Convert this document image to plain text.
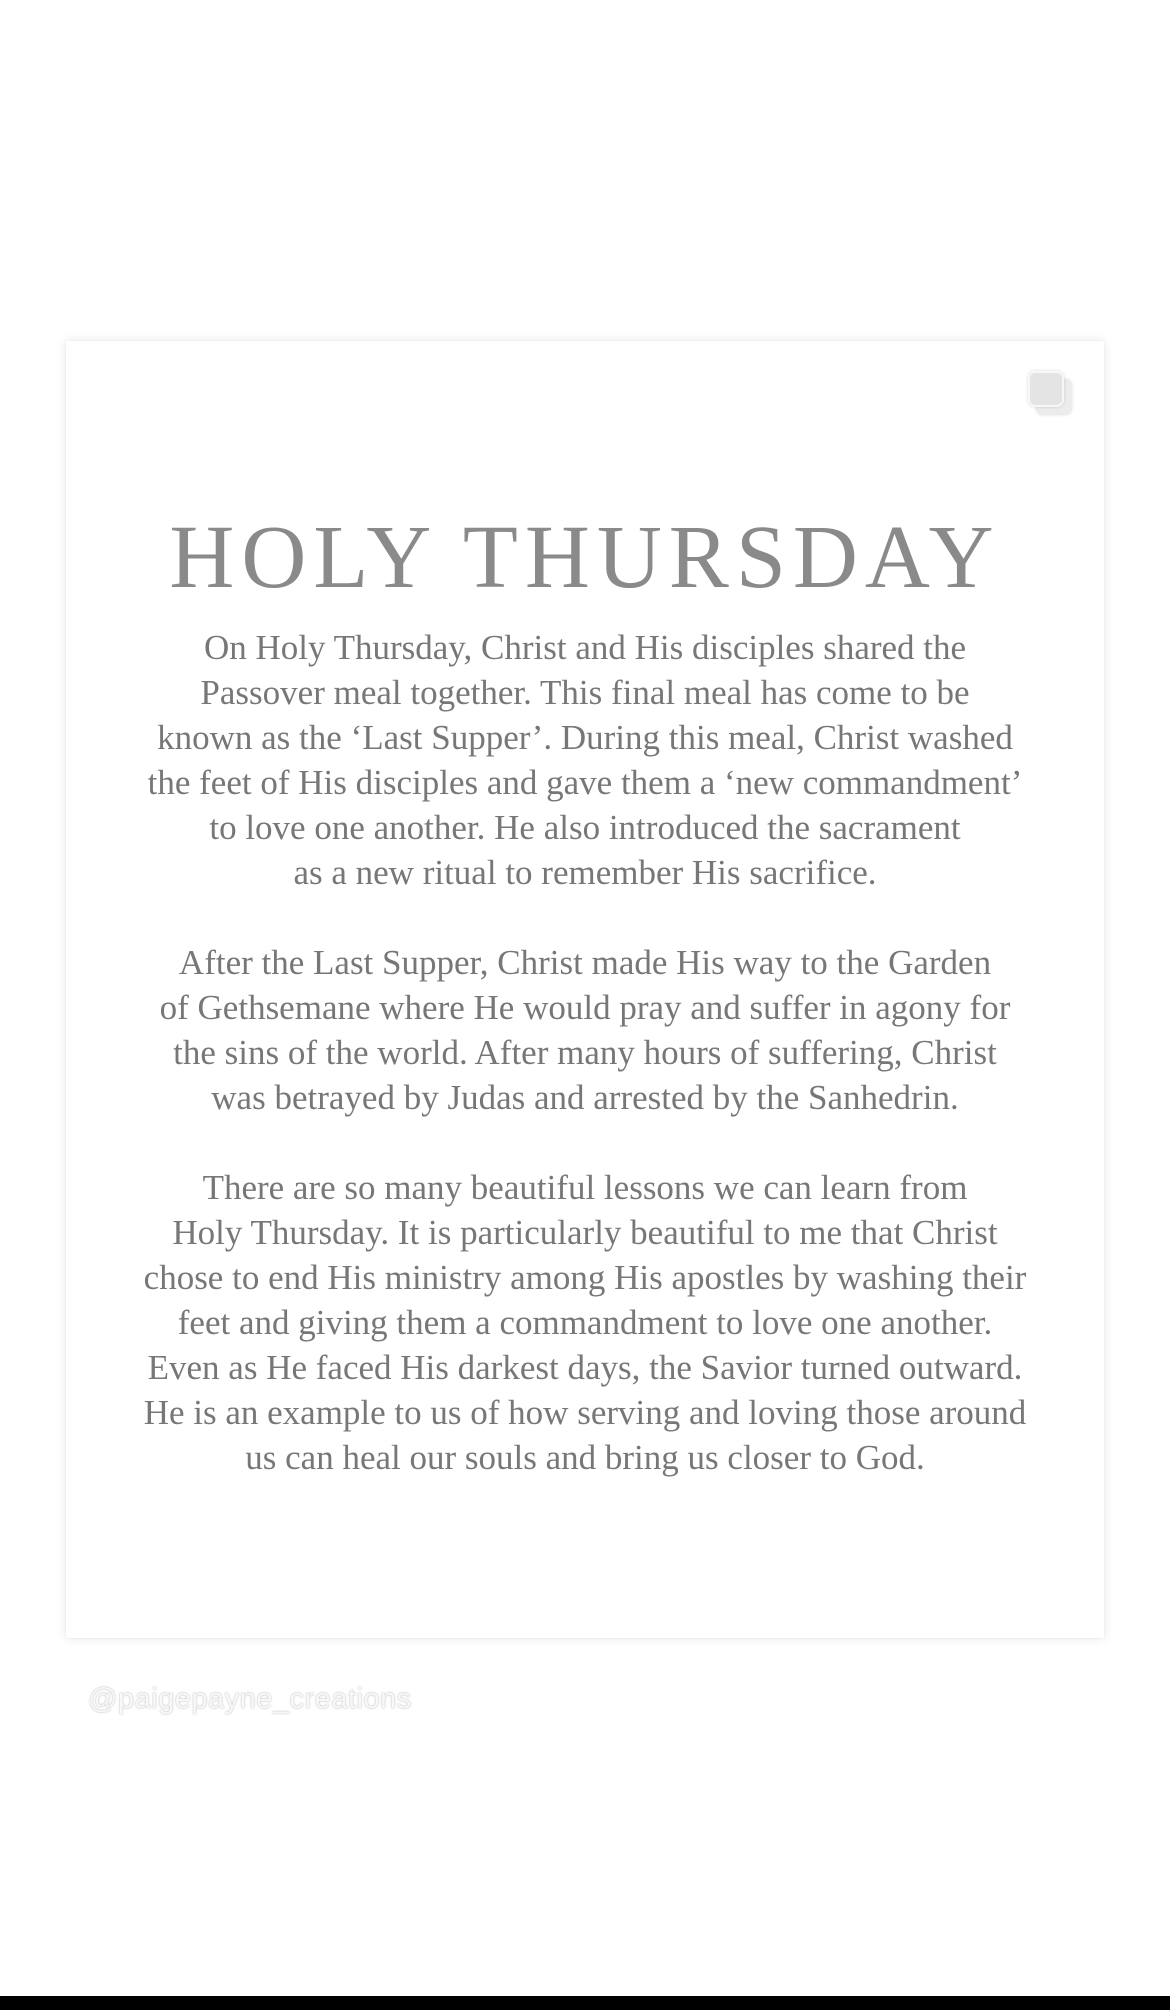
HOLY THURSDAY

On Holy Thursday, Christ and His disciples shared the
Passover meal together. This final meal has come to be
known as the ‘Last Supper’. During this meal, Christ washed
the feet of His disciples and gave them a ‘new commandment’
to love one another. He also introduced the sacrament
as a new ritual to remember His sacrifice.

After the Last Supper, Christ made His way to the Garden
of Gethsemane where He would pray and suffer in agony for
the sins of the world. After many hours of suffering, Christ
was betrayed by Judas and arrested by the Sanhedrin.

There are so many beautiful lessons we can learn from
Holy Thursday. It is particularly beautiful to me that Christ
chose to end His ministry among His apostles by washing their
feet and giving them a commandment to love one another.
Even as He faced His darkest days, the Savior turned outward.
He is an example to us of how serving and loving those around
us can heal our souls and bring us closer to God.

@paigepayne_creations
